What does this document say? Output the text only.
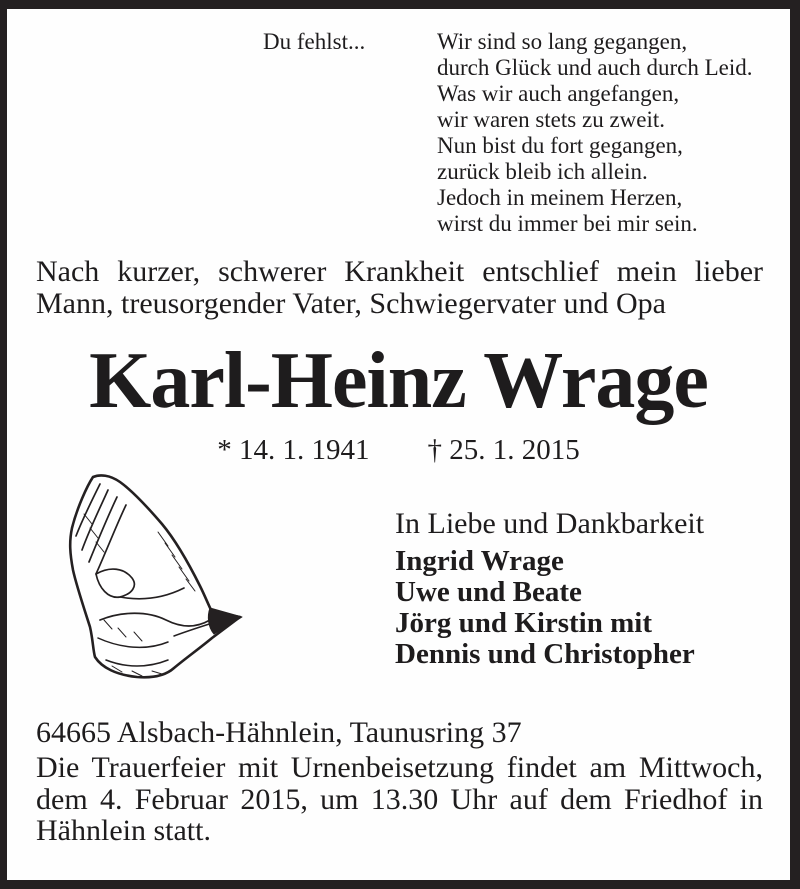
Du fehlst...	Wir sind so lang gegangen,
durch Glück und auch durch Leid.
Was wir auch angefangen,
wir waren stets zu zweit.
Nun bist du fort gegangen,
zurück bleib ich allein.
Jedoch in meinem Herzen,
wirst du immer bei mir sein.
Nach kurzer, schwerer Krankheit entschlief mein lieber
Mann, treusorgender Vater, Schwiegervater und Opa
Karl-Heinz Wrage
* 14. 1. 1941 † 25. 1. 2015
In Liebe und Dankbarkeit
Ingrid Wrage
Uwe und Beate
Jörg und Kirstin mit
Dennis und Christopher
64665 Alsbach-Hähnlein, Taunusring 37
Die Trauerfeier mit Urnenbeisetzung findet am Mittwoch,
dem 4. Februar 2015, um 13.30 Uhr auf dem Friedhof in
Hähnlein statt.
